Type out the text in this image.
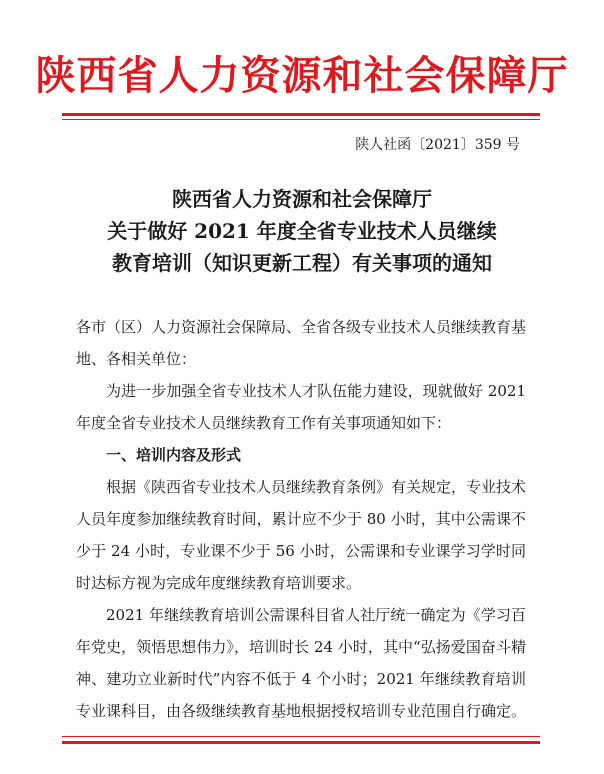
陕西省人力资源和社会保障厅
陕人社函〔2021〕359 号
陕西省人力资源和社会保障厅
关于做好 2021 年度全省专业技术人员继续
教育培训（知识更新工程）有关事项的通知

各市（区）人力资源社会保障局、全省各级专业技术人员继续教育基地、各相关单位：

为进一步加强全省专业技术人才队伍能力建设，现就做好 2021 年度全省专业技术人员继续教育工作有关事项通知如下：

一、培训内容及形式

根据《陕西省专业技术人员继续教育条例》有关规定，专业技术人员年度参加继续教育时间，累计应不少于 80 小时，其中公需课不少于 24 小时，专业课不少于 56 小时，公需课和专业课学习学时同时达标方视为完成年度继续教育培训要求。

2021 年继续教育培训公需课科目省人社厅统一确定为《学习百年党史，领悟思想伟力》，培训时长 24 小时，其中“弘扬爱国奋斗精神、建功立业新时代”内容不低于 4 个小时；2021 年继续教育培训专业课科目，由各级继续教育基地根据授权培训专业范围自行确定。
